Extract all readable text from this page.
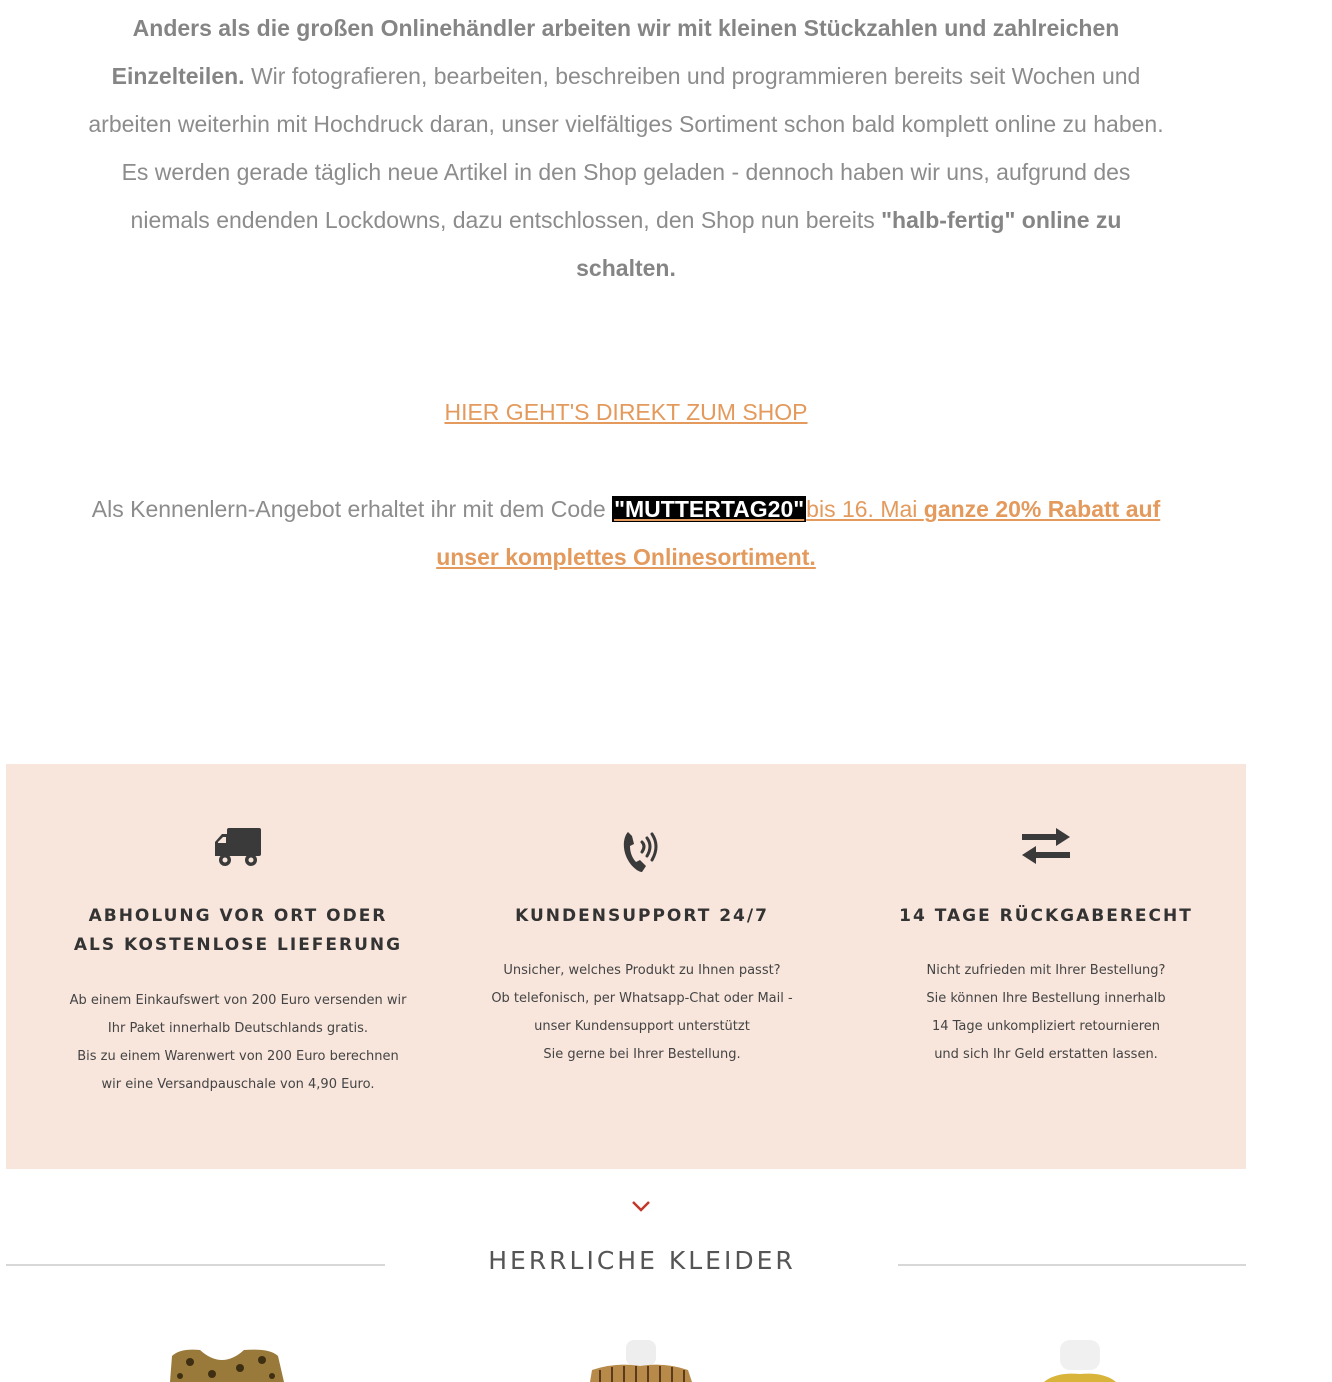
Anders als die großen Onlinehändler arbeiten wir mit kleinen Stückzahlen und zahlreichen Einzelteilen. Wir fotografieren, bearbeiten, beschreiben und programmieren bereits seit Wochen und arbeiten weiterhin mit Hochdruck daran, unser vielfältiges Sortiment schon bald komplett online zu haben.

Es werden gerade täglich neue Artikel in den Shop geladen - dennoch haben wir uns, aufgrund des niemals endenden Lockdowns, dazu entschlossen, den Shop nun bereits "halb-fertig" online zu schalten.

HIER GEHT'S DIREKT ZUM SHOP
Als Kennenlern-Angebot erhaltet ihr mit dem Code "MUTTERTAG20"bis 16. Mai ganze 20% Rabatt auf unser komplettes Onlinesortiment.
ABHOLUNG VOR ORT ODER
ALS KOSTENLOSE LIEFERUNG
Ab einem Einkaufswert von 200 Euro versenden wir
Ihr Paket innerhalb Deutschlands gratis.
Bis zu einem Warenwert von 200 Euro berechnen
wir eine Versandpauschale von 4,90 Euro.
KUNDENSUPPORT 24/7
Unsicher, welches Produkt zu Ihnen passt?
Ob telefonisch, per Whatsapp-Chat oder Mail -
unser Kundensupport unterstützt
Sie gerne bei Ihrer Bestellung.
14 TAGE RÜCKGABERECHT
Nicht zufrieden mit Ihrer Bestellung?
Sie können Ihre Bestellung innerhalb
14 Tage unkompliziert retournieren
und sich Ihr Geld erstatten lassen.
HERRLICHE KLEIDER
